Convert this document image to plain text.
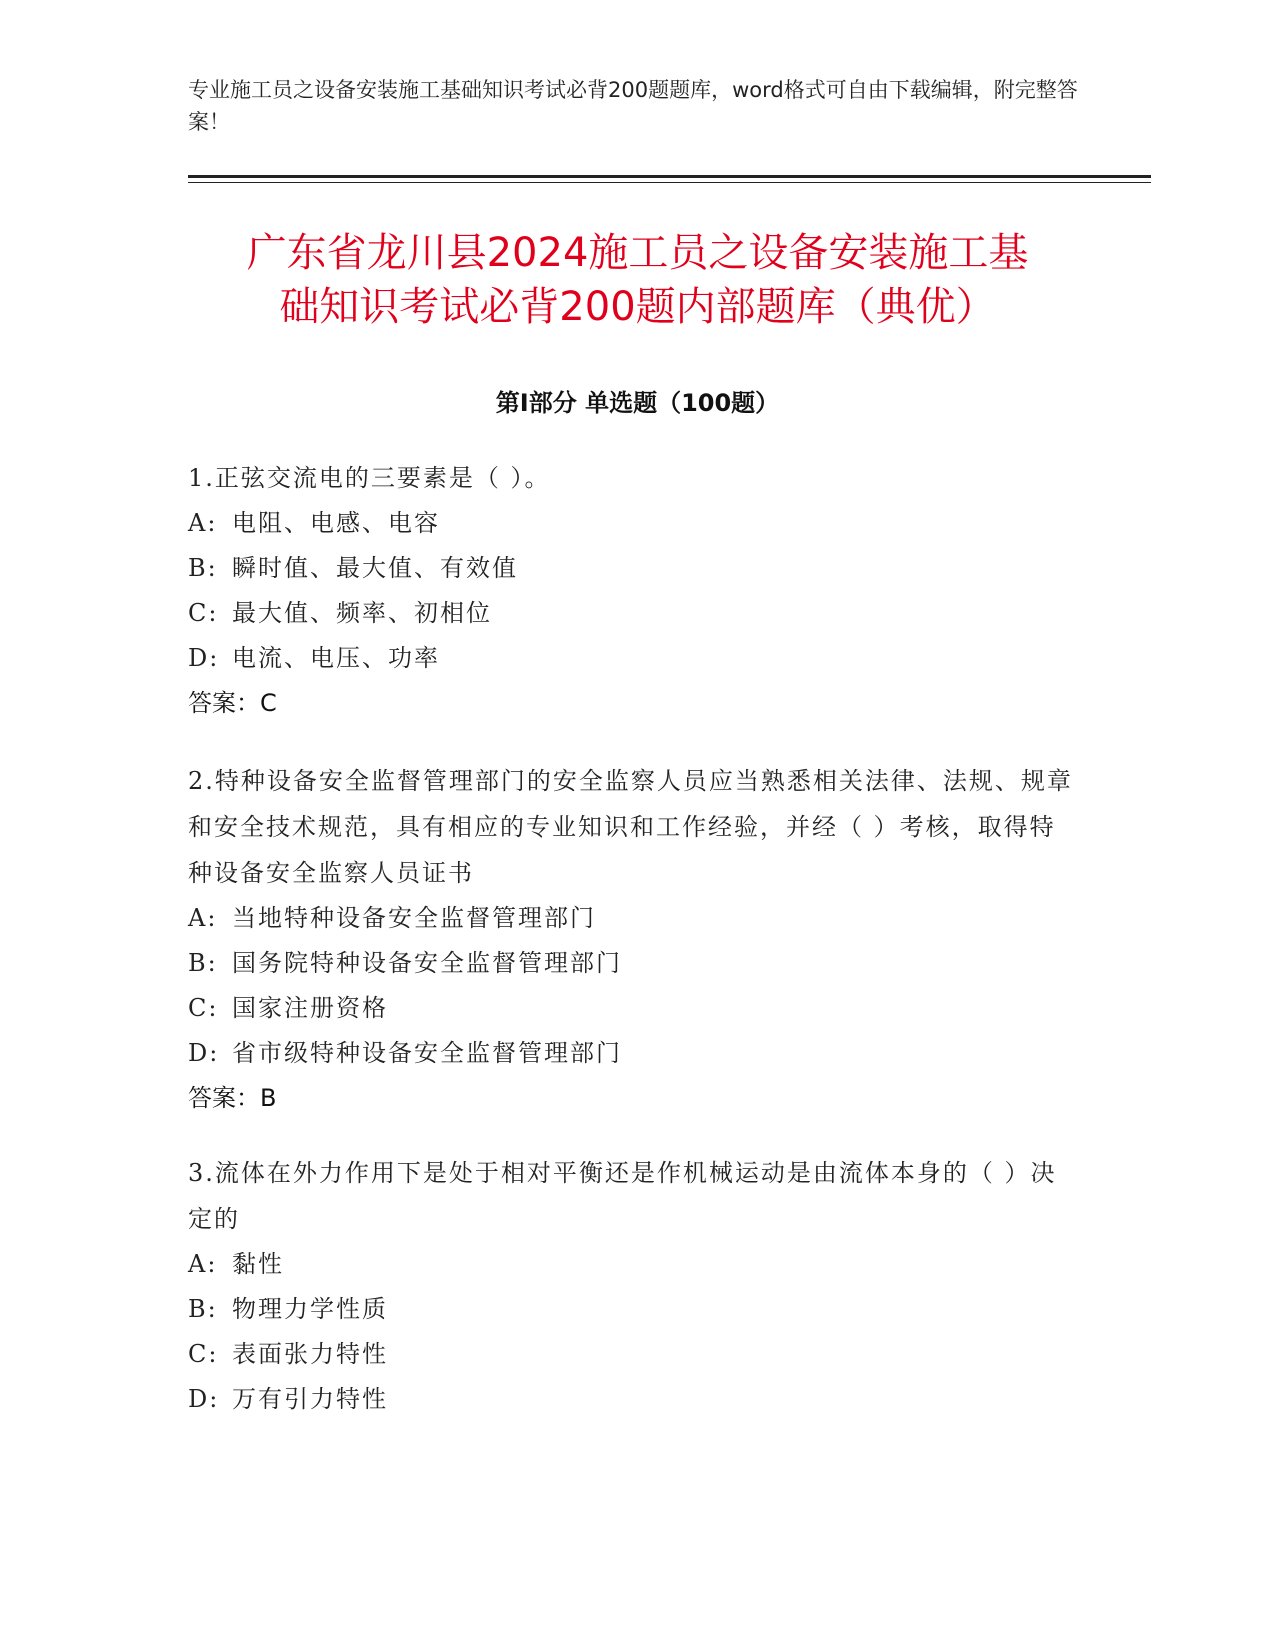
专业施工员之设备安装施工基础知识考试必背200题题库，word格式可自由下载编辑，附完整答案！
广东省龙川县2024施工员之设备安装施工基
础知识考试必背200题内部题库（典优）
第Ⅰ部分 单选题（100题）

1.正弦交流电的三要素是（ ）。

A: 电阻、电感、电容

B: 瞬时值、最大值、有效值

C: 最大值、频率、初相位

D: 电流、电压、功率

答案：C

2.特种设备安全监督管理部门的安全监察人员应当熟悉相关法律、法规、规章和安全技术规范，具有相应的专业知识和工作经验，并经（ ）考核，取得特种设备安全监察人员证书

A: 当地特种设备安全监督管理部门

B: 国务院特种设备安全监督管理部门

C: 国家注册资格

D: 省市级特种设备安全监督管理部门

答案：B

3.流体在外力作用下是处于相对平衡还是作机械运动是由流体本身的（ ）决定的

A: 黏性

B: 物理力学性质

C: 表面张力特性

D: 万有引力特性
